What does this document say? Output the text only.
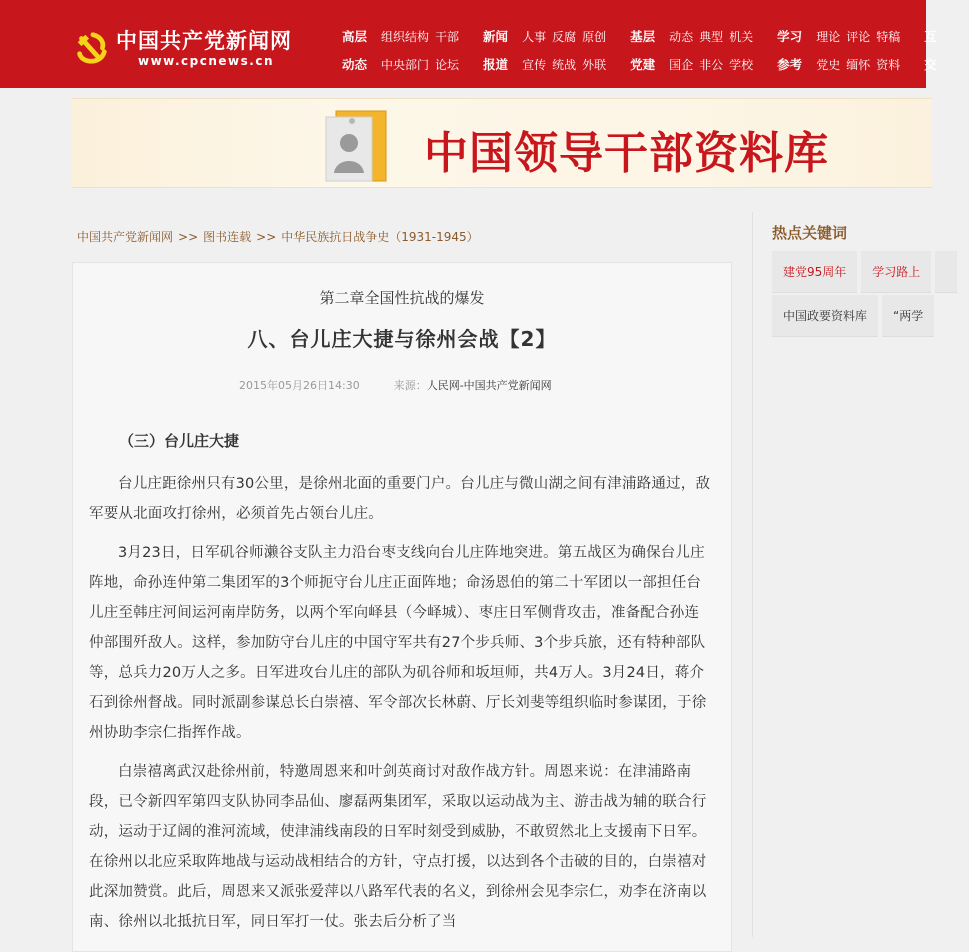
中国共产党新闻网
www.cpcnews.cn
高层 组织结构 干部 新闻 人事 反腐 原创 基层 动态 典型 机关 学习 理论 评论 特稿 互
动态 中央部门 论坛 报道 宣传 统战 外联 党建 国企 非公 学校 参考 党史 缅怀 资料 交
中国领导干部资料库
中国共产党新闻网 >> 图书连载 >> 中华民族抗日战争史（1931-1945）
第二章全国性抗战的爆发
八、台儿庄大捷与徐州会战【2】
2015年05月26日14:30	来源：人民网-中国共产党新闻网
（三）台儿庄大捷

台儿庄距徐州只有30公里，是徐州北面的重要门户。台儿庄与微山湖之间有津浦路通过，敌军要从北面攻打徐州，必须首先占领台儿庄。

3月23日，日军矶谷师濑谷支队主力沿台枣支线向台儿庄阵地突进。第五战区为确保台儿庄阵地，命孙连仲第二集团军的3个师扼守台儿庄正面阵地；命汤恩伯的第二十军团以一部担任台儿庄至韩庄河间运河南岸防务，以两个军向峄县（今峄城）、枣庄日军侧背攻击，准备配合孙连仲部围歼敌人。这样，参加防守台儿庄的中国守军共有27个步兵师、3个步兵旅，还有特种部队等，总兵力20万人之多。日军进攻台儿庄的部队为矶谷师和坂垣师，共4万人。3月24日，蒋介石到徐州督战。同时派副参谋总长白崇禧、军令部次长林蔚、厅长刘斐等组织临时参谋团，于徐州协助李宗仁指挥作战。

白崇禧离武汉赴徐州前，特邀周恩来和叶剑英商讨对敌作战方针。周恩来说：在津浦路南段，已令新四军第四支队协同李品仙、廖磊两集团军，采取以运动战为主、游击战为辅的联合行动，运动于辽阔的淮河流域，使津浦线南段的日军时刻受到威胁，不敢贸然北上支援南下日军。在徐州以北应采取阵地战与运动战相结合的方针，守点打援，以达到各个击破的目的，白崇禧对此深加赞赏。此后，周恩来又派张爱萍以八路军代表的名义，到徐州会见李宗仁，劝李在济南以南、徐州以北抵抗日军，同日军打一仗。张去后分析了当

热点关键词
建党95周年	学习路上
中国政要资料库	“两学
